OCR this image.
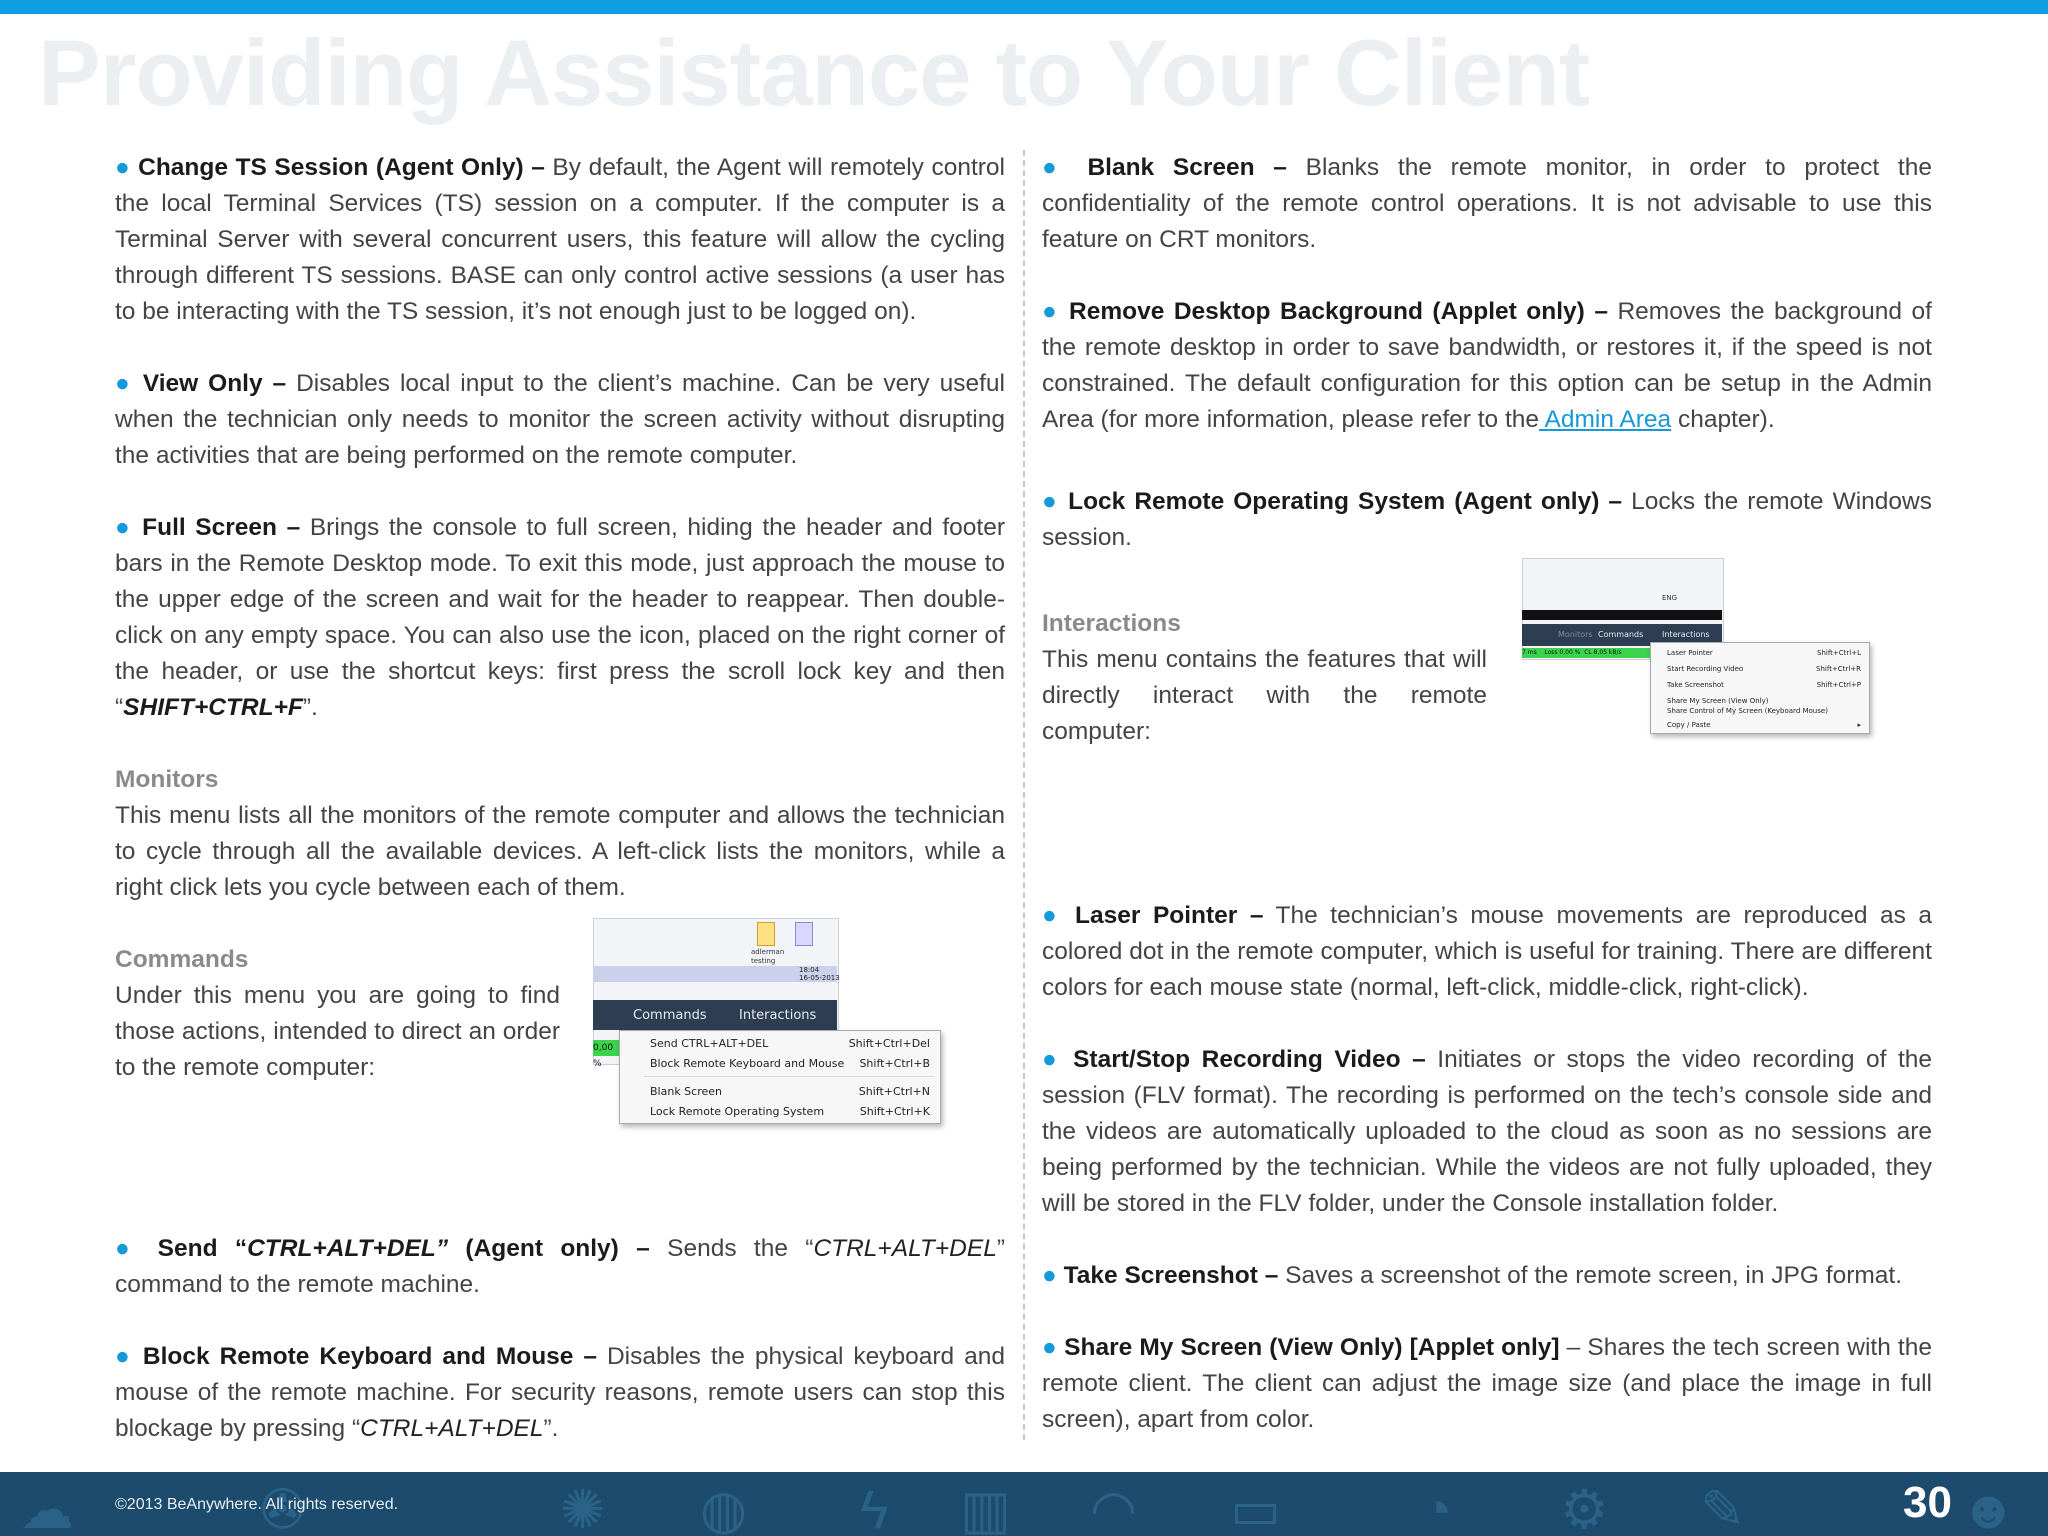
Providing Assistance to Your Client

● Change TS Session (Agent Only) – By default, the Agent will remotely control the local Terminal Services (TS) session on a computer. If the computer is a Terminal Server with several concurrent users, this feature will allow the cycling through different TS sessions. BASE can only control active sessions (a user has to be interacting with the TS session, it’s not enough just to be logged on).

● View Only – Disables local input to the client’s machine. Can be very useful when the technician only needs to monitor the screen activity without disrupting the activities that are being performed on the remote computer.

● Full Screen – Brings the console to full screen, hiding the header and footer bars in the Remote Desktop mode. To exit this mode, just approach the mouse to the upper edge of the screen and wait for the header to reappear. Then double-click on any empty space. You can also use the icon, placed on the right corner of the header, or use the shortcut keys: first press the scroll lock key and then “SHIFT+CTRL+F”.

Monitors

This menu lists all the monitors of the remote computer and allows the technician to cycle through all the available devices. A left-click lists the monitors, while a right click lets you cycle between each of them.

Commands

Under this menu you are going to find those actions, intended to direct an order to the remote computer:

● Send “CTRL+ALT+DEL” (Agent only) – Sends the “CTRL+ALT+DEL” command to the remote machine.

● Block Remote Keyboard and Mouse – Disables the physical keyboard and mouse of the remote machine. For security reasons, remote users can stop this blockage by pressing “CTRL+ALT+DEL”.

● Blank Screen – Blanks the remote monitor, in order to protect the confidentiality of the remote control operations. It is not advisable to use this feature on CRT monitors.

● Remove Desktop Background (Applet only) – Removes the background of the remote desktop in order to save bandwidth, or restores it, if the speed is not constrained. The default configuration for this option can be setup in the Admin Area (for more information, please refer to the Admin Area chapter).

● Lock Remote Operating System (Agent only) – Locks the remote Windows session.

Interactions

This menu contains the features that will directly interact with the remote computer:

● Laser Pointer – The technician’s mouse movements are reproduced as a colored dot in the remote computer, which is useful for training. There are different colors for each mouse state (normal, left-click, middle-click, right-click).

● Start/Stop Recording Video – Initiates or stops the video recording of the session (FLV format). The recording is performed on the tech’s console side and the videos are automatically uploaded to the cloud as soon as no sessions are being performed by the technician. While the videos are not fully uploaded, they will be stored in the FLV folder, under the Console installation folder.

● Take Screenshot – Saves a screenshot of the remote screen, in JPG format.

● Share My Screen (View Only) [Applet only] – Shares the tech screen with the remote client. The client can adjust the image size (and place the image in full screen), apart from color.

adlerman testing
18:04
16-05-2013
Commands Interactions
0,00 %
Send CTRL+ALT+DEL	Shift+Ctrl+Del
Block Remote Keyboard and Mouse Shift+Ctrl+B
Blank Screen	Shift+Ctrl+N
Lock Remote Operating System	Shift+Ctrl+K
ENG
Monitors Commands Interactions
7 ms Loss 0,00 % CL 8,05 kB/s	Laser Pointer	Shift+Ctrl+L
Start Recording Video	Shift+Ctrl+R
Take Screenshot	Shift+Ctrl+P
Share My Screen (View Only)
Share Control of My Screen (Keyboard Mouse)
Copy / Paste	▸
☁	✇	✺ ◍ ϟ ▥ ◠ ▭	◔ ⚙ ✎	☻
©2013 BeAnywhere. All rights reserved.	30
